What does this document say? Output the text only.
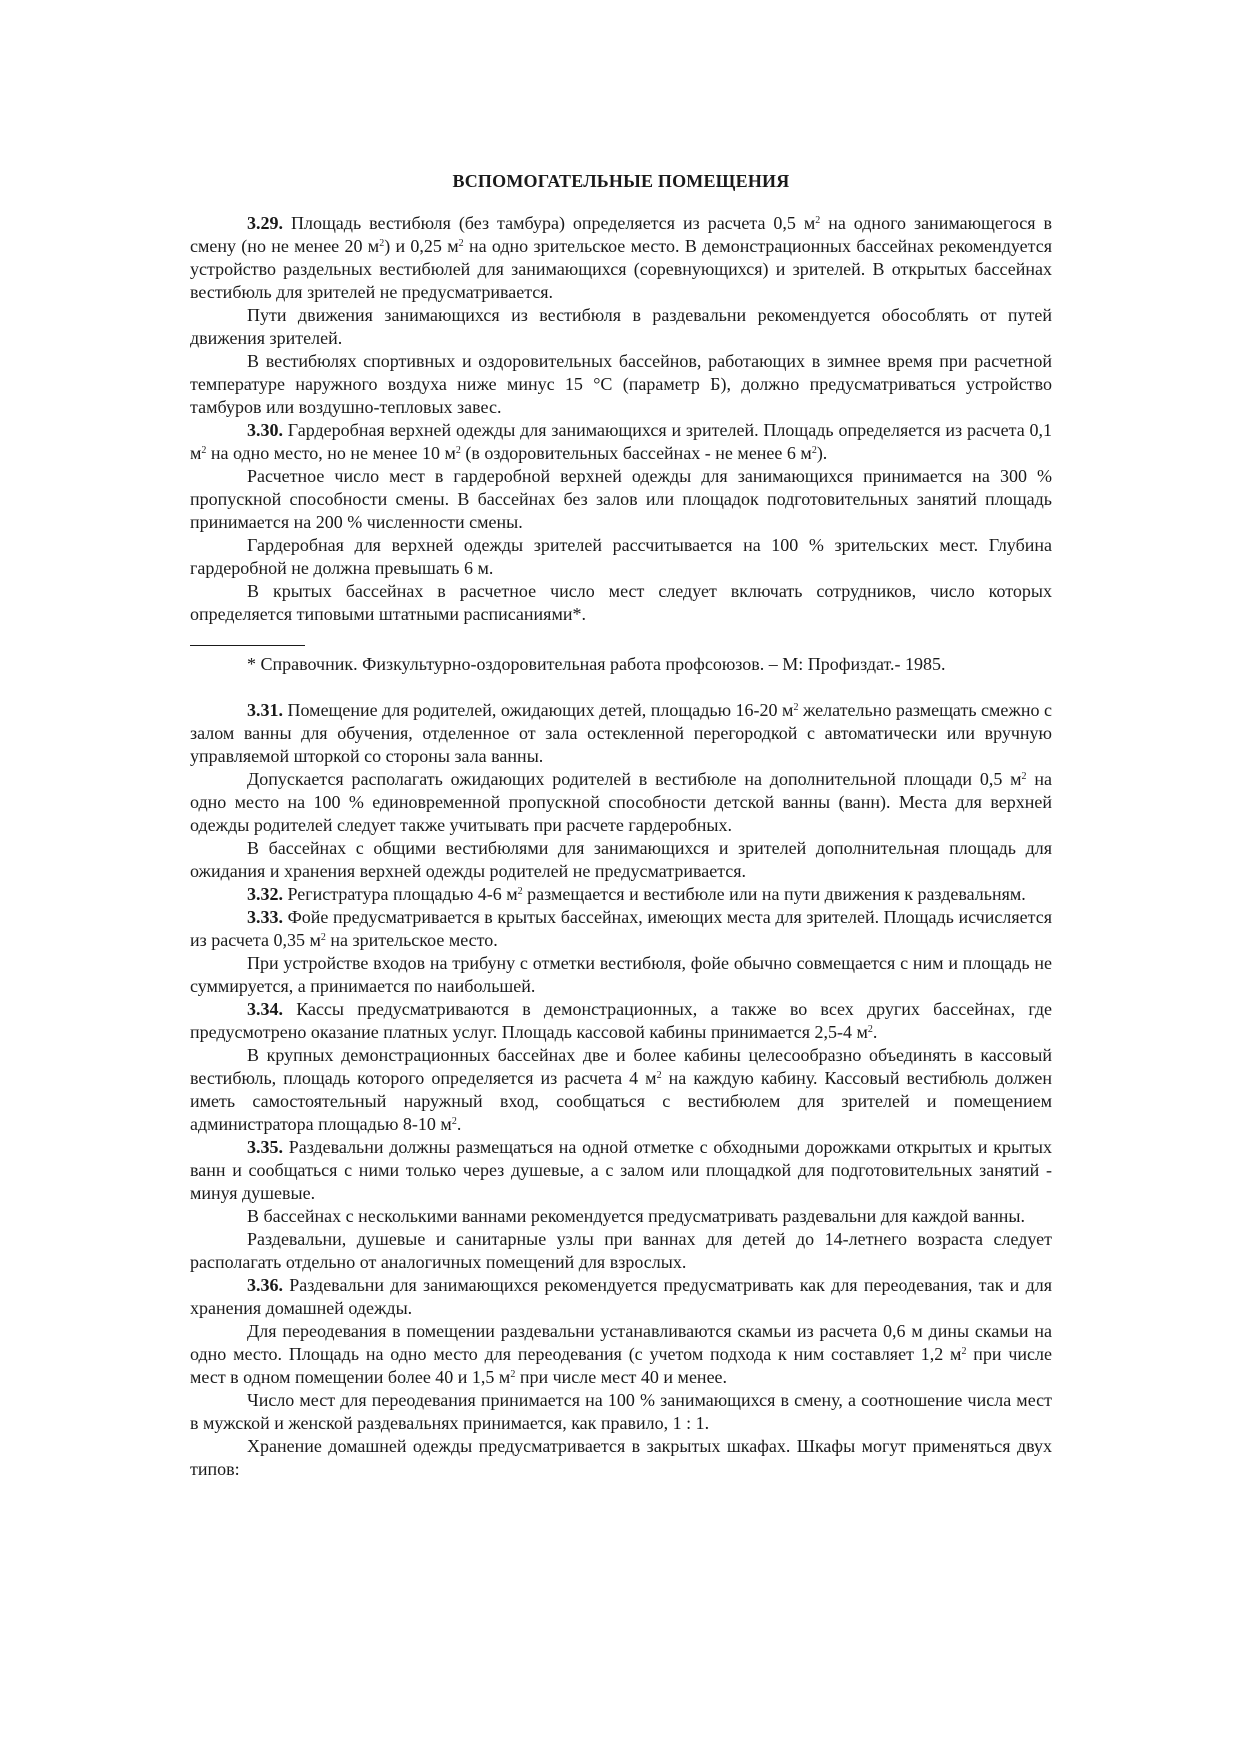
ВСПОМОГАТЕЛЬНЫЕ ПОМЕЩЕНИЯ

3.29. Площадь вестибюля (без тамбура) определяется из расчета 0,5 $м^2$ на одного занимающегося в смену (но не менее 20 $м^2$) и 0,25 $м^2$ на одно зрительское место. В демонстрационных бассейнах рекомендуется устройство раздельных вестибюлей для занимающихся (соревнующихся) и зрителей. В открытых бассейнах вестибюль для зрителей не предусматривается.

Пути движения занимающихся из вестибюля в раздевальни рекомендуется обособлять от путей движения зрителей.

В вестибюлях спортивных и оздоровительных бассейнов, работающих в зимнее время при расчетной температуре наружного воздуха ниже минус 15 °С (параметр Б), должно предусматриваться устройство тамбуров или воздушно-тепловых завес.

3.30. Гардеробная верхней одежды для занимающихся и зрителей. Площадь определяется из расчета 0,1 $м^2$ на одно место, но не менее 10 $м^2$ (в оздоровительных бассейнах - не менее 6 $м^2$).

Расчетное число мест в гардеробной верхней одежды для занимающихся принимается на 300 % пропускной способности смены. В бассейнах без залов или площадок подготовительных занятий площадь принимается на 200 % численности смены.

Гардеробная для верхней одежды зрителей рассчитывается на 100 % зрительских мест. Глубина гардеробной не должна превышать 6 м.

В крытых бассейнах в расчетное число мест следует включать сотрудников, число которых определяется типовыми штатными расписаниями*.

* Справочник. Физкультурно-оздоровительная работа профсоюзов. – М: Профиздат.- 1985.

3.31. Помещение для родителей, ожидающих детей, площадью 16-20 $м^2$ желательно размещать смежно с залом ванны для обучения, отделенное от зала остекленной перегородкой с автоматически или вручную управляемой шторкой со стороны зала ванны.

Допускается располагать ожидающих родителей в вестибюле на дополнительной площади 0,5 $м^2$ на одно место на 100 % единовременной пропускной способности детской ванны (ванн). Места для верхней одежды родителей следует также учитывать при расчете гардеробных.

В бассейнах с общими вестибюлями для занимающихся и зрителей дополнительная площадь для ожидания и хранения верхней одежды родителей не предусматривается.

3.32. Регистратура площадью 4-6 $м^2$ размещается и вестибюле или на пути движения к раздевальням.

3.33. Фойе предусматривается в крытых бассейнах, имеющих места для зрителей. Площадь исчисляется из расчета 0,35 $м^2$ на зрительское место.

При устройстве входов на трибуну с отметки вестибюля, фойе обычно совмещается с ним и площадь не суммируется, а принимается по наибольшей.

3.34. Кассы предусматриваются в демонстрационных, а также во всех других бассейнах, где предусмотрено оказание платных услуг. Площадь кассовой кабины принимается 2,5-4 $м^2$.

В крупных демонстрационных бассейнах две и более кабины целесообразно объединять в кассовый вестибюль, площадь которого определяется из расчета 4 $м^2$ на каждую кабину. Кассовый вестибюль должен иметь самостоятельный наружный вход, сообщаться с вестибюлем для зрителей и помещением администратора площадью 8-10 $м^2$.

3.35. Раздевальни должны размещаться на одной отметке с обходными дорожками открытых и крытых ванн и сообщаться с ними только через душевые, а с залом или площадкой для подготовительных занятий - минуя душевые.

В бассейнах с несколькими ваннами рекомендуется предусматривать раздевальни для каждой ванны.

Раздевальни, душевые и санитарные узлы при ваннах для детей до 14-летнего возраста следует располагать отдельно от аналогичных помещений для взрослых.

3.36. Раздевальни для занимающихся рекомендуется предусматривать как для переодевания, так и для хранения домашней одежды.

Для переодевания в помещении раздевальни устанавливаются скамьи из расчета 0,6 м дины скамьи на одно место. Площадь на одно место для переодевания (с учетом подхода к ним составляет 1,2 $м^2$ при числе мест в одном помещении более 40 и 1,5 $м^2$ при числе мест 40 и менее.

Число мест для переодевания принимается на 100 % занимающихся в смену, а соотношение числа мест в мужской и женской раздевальнях принимается, как правило, 1 : 1.

Хранение домашней одежды предусматривается в закрытых шкафах. Шкафы могут применяться двух типов:
